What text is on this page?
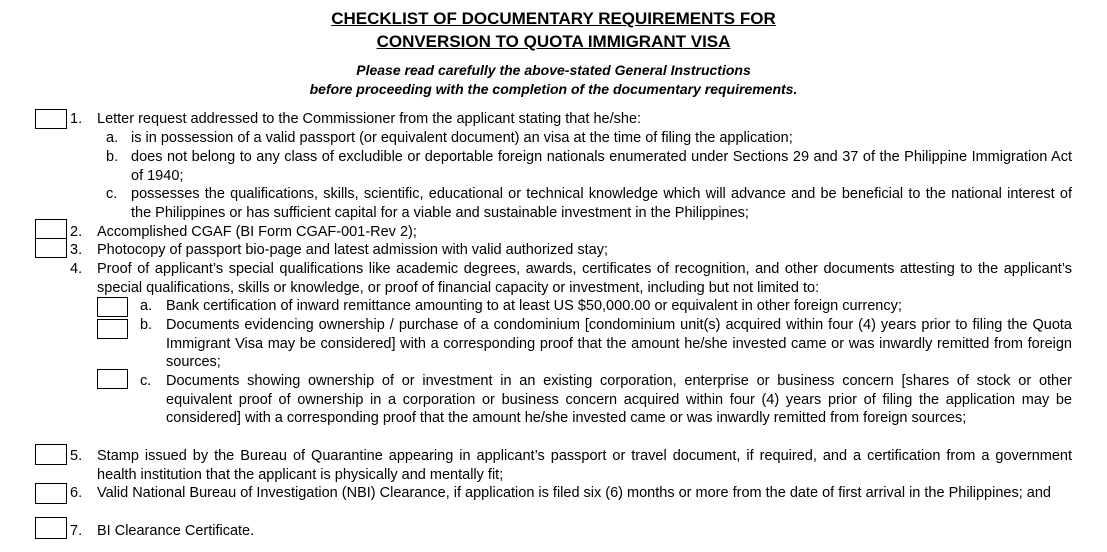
CHECKLIST OF DOCUMENTARY REQUIREMENTS FOR
CONVERSION TO QUOTA IMMIGRANT VISA
Please read carefully the above-stated General Instructions
before proceeding with the completion of the documentary requirements.
1. Letter request addressed to the Commissioner from the applicant stating that he/she:
a. is in possession of a valid passport (or equivalent document) an visa at the time of filing the application;
b. does not belong to any class of excludible or deportable foreign nationals enumerated under Sections 29 and 37 of the Philippine Immigration Act of 1940;
c. possesses the qualifications, skills, scientific, educational or technical knowledge which will advance and be beneficial to the national interest of the Philippines or has sufficient capital for a viable and sustainable investment in the Philippines;
2. Accomplished CGAF (BI Form CGAF-001-Rev 2);
3. Photocopy of passport bio-page and latest admission with valid authorized stay;
4. Proof of applicant’s special qualifications like academic degrees, awards, certificates of recognition, and other documents attesting to the applicant’s special qualifications, skills or knowledge, or proof of financial capacity or investment, including but not limited to:
a. Bank certification of inward remittance amounting to at least US $50,000.00 or equivalent in other foreign currency;
b. Documents evidencing ownership / purchase of a condominium [condominium unit(s) acquired within four (4) years prior to filing the Quota Immigrant Visa may be considered] with a corresponding proof that the amount he/she invested came or was inwardly remitted from foreign sources;
c. Documents showing ownership of or investment in an existing corporation, enterprise or business concern [shares of stock or other equivalent proof of ownership in a corporation or business concern acquired within four (4) years prior of filing the application may be considered] with a corresponding proof that the amount he/she invested came or was inwardly remitted from foreign sources;
5. Stamp issued by the Bureau of Quarantine appearing in applicant’s passport or travel document, if required, and a certification from a government health institution that the applicant is physically and mentally fit;
6. Valid National Bureau of Investigation (NBI) Clearance, if application is filed six (6) months or more from the date of first arrival in the Philippines; and
7. BI Clearance Certificate.
